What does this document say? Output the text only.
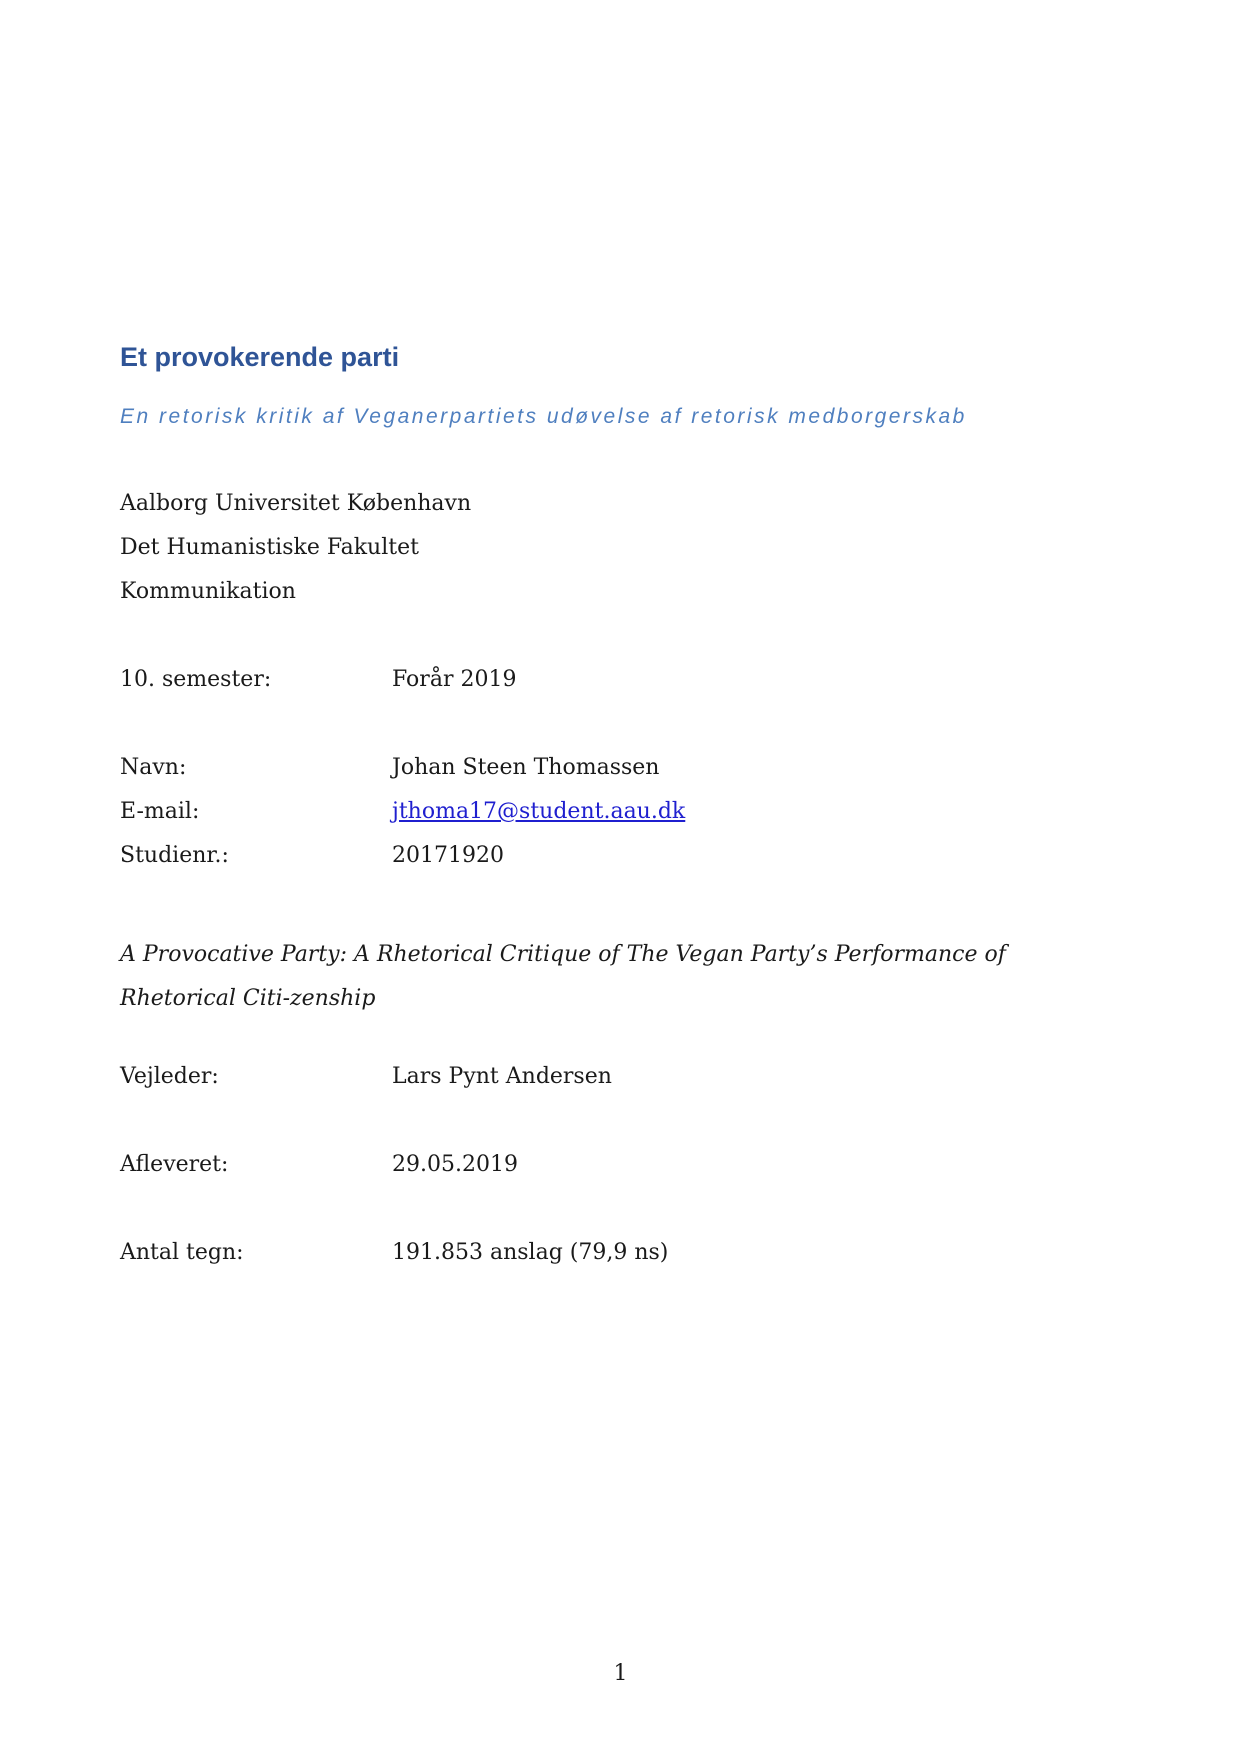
Et provokerende parti

En retorisk kritik af Veganerpartiets udøvelse af retorisk medborgerskab

Aalborg Universitet København

Det Humanistiske Fakultet

Kommunikation

10. semester:	Forår 2019
Navn:	Johan Steen Thomassen
E-mail:	jthoma17@student.aau.dk
Studienr.:	20171920

A Provocative Party: A Rhetorical Critique of The Vegan Party’s Performance of Rhetorical Citi-zenship

Vejleder:	Lars Pynt Andersen
Afleveret:	29.05.2019
Antal tegn:	191.853 anslag (79,9 ns)
1
